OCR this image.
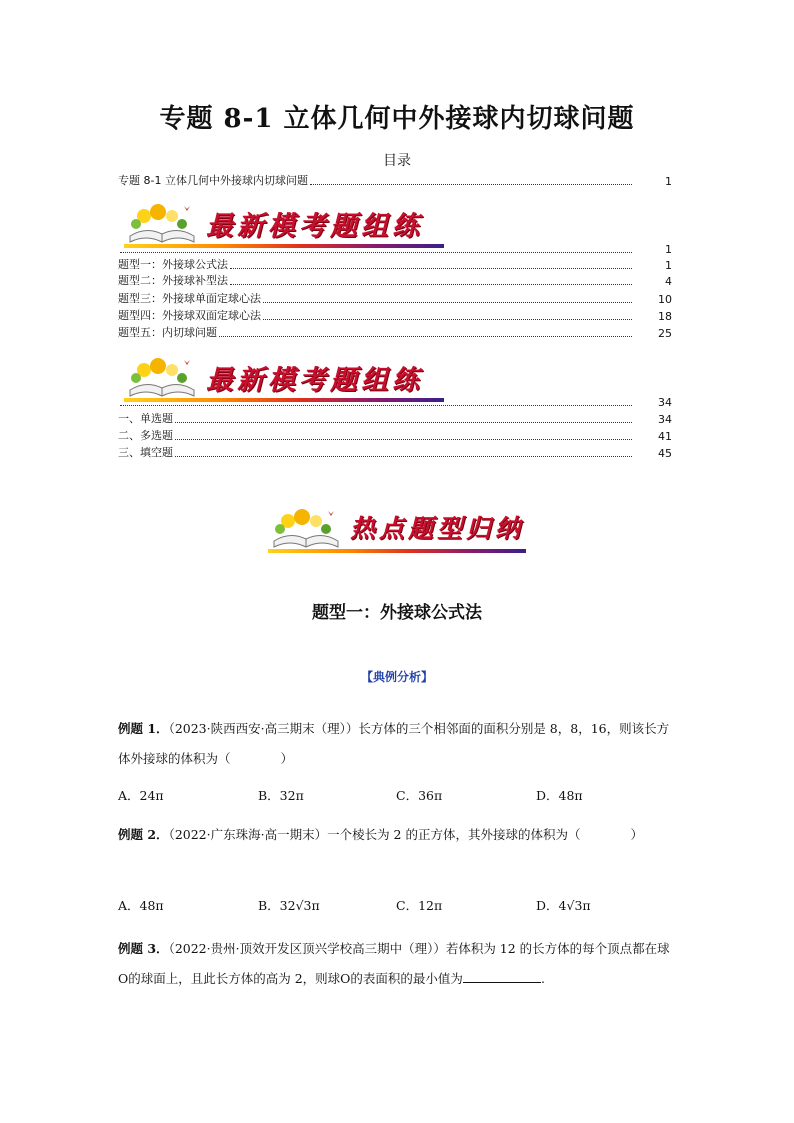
专题 8-1 立体几何中外接球内切球问题
目录
专题 8-1 立体几何中外接球内切球问题	1
最新模考题组练
1
题型一：外接球公式法	1
题型二：外接球补型法	4
题型三：外接球单面定球心法	10
题型四：外接球双面定球心法	18
题型五：内切球问题	25
最新模考题组练
34
一、单选题	34
二、多选题	41
三、填空题	45
热点题型归纳
题型一：外接球公式法
【典例分析】
例题 1．（2023·陕西西安·高三期末（理））长方体的三个相邻面的面积分别是 8，8，16，则该长方体外接球的体积为（　　　　）
A．24π	B．32π	C．36π	D．48π
例题 2．（2022·广东珠海·高一期末）一个棱长为 2 的正方体，其外接球的体积为（　　　　）
A．48π	B．32√3π	C．12π	D．4√3π
例题 3．（2022·贵州·顶效开发区顶兴学校高三期中（理））若体积为 12 的长方体的每个顶点都在球O的球面上，且此长方体的高为 2，则球O的表面积的最小值为	.
